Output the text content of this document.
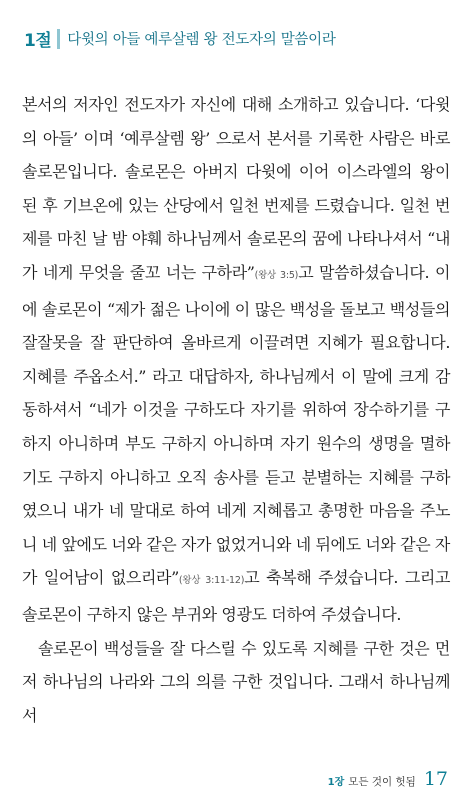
1절 다윗의 아들 예루살렘 왕 전도자의 말씀이라

본서의 저자인 전도자가 자신에 대해 소개하고 있습니다. ‘다윗의 아들’ 이며 ‘예루살렘 왕’ 으로서 본서를 기록한 사람은 바로 솔로몬입니다. 솔로몬은 아버지 다윗에 이어 이스라엘의 왕이 된 후 기브온에 있는 산당에서 일천 번제를 드렸습니다. 일천 번제를 마친 날 밤 야훼 하나님께서 솔로몬의 꿈에 나타나셔서 “내가 네게 무엇을 줄꼬 너는 구하라”(왕상 3:5)고 말씀하셨습니다. 이에 솔로몬이 “제가 젊은 나이에 이 많은 백성을 돌보고 백성들의 잘잘못을 잘 판단하여 올바르게 이끌려면 지혜가 필요합니다. 지혜를 주옵소서.” 라고 대답하자, 하나님께서 이 말에 크게 감동하셔서 “네가 이것을 구하도다 자기를 위하여 장수하기를 구하지 아니하며 부도 구하지 아니하며 자기 원수의 생명을 멸하기도 구하지 아니하고 오직 송사를 듣고 분별하는 지혜를 구하였으니 내가 네 말대로 하여 네게 지혜롭고 총명한 마음을 주노니 네 앞에도 너와 같은 자가 없었거니와 네 뒤에도 너와 같은 자가 일어남이 없으리라”(왕상 3:11-12)고 축복해 주셨습니다. 그리고 솔로몬이 구하지 않은 부귀와 영광도 더하여 주셨습니다.

솔로몬이 백성들을 잘 다스릴 수 있도록 지혜를 구한 것은 먼저 하나님의 나라와 그의 의를 구한 것입니다. 그래서 하나님께서

1장 모든 것이 헛됨 17
